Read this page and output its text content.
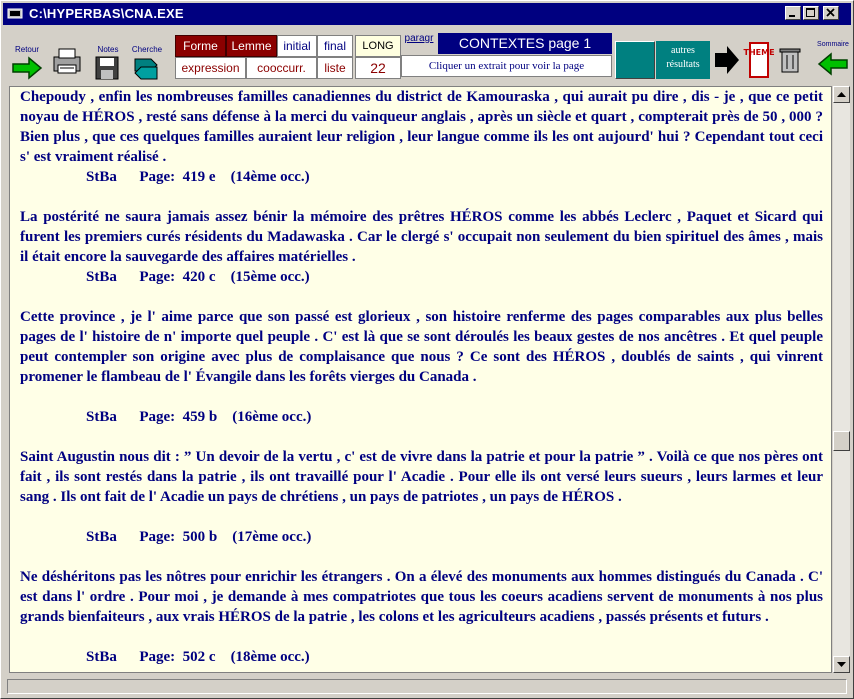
C:\HYPERBAS\CNA.EXE
Retour	Notes	Cherche	Forme	Lemme initial	final	LONG
paragr
expression	cooccurr.	liste	22
CONTEXTES page 1
Cliquer un extrait pour voir la page
autres résultats
THEME
Sommaire
Chepoudy , enfin les nombreuses familles canadiennes du district de Kamouraska , qui aurait pu dire , dis - je , que ce petit noyau de HÉROS , resté sans défense à la merci du vainqueur anglais , après un siècle et quart , compterait près de 50 , 000 ? Bien plus , que ces quelques familles auraient leur religion , leur langue comme ils les ont aujourd' hui ? Cependant tout ceci s' est vraiment réalisé .
StBa      Page:  419 e    (14ème occ.)
La postérité ne saura jamais assez bénir la mémoire des prêtres HÉROS comme les abbés Leclerc , Paquet et Sicard qui furent les premiers curés résidents du Madawaska . Car le clergé s' occupait non seulement du bien spirituel des âmes , mais il était encore la sauvegarde des affaires matérielles .
StBa      Page:  420 c    (15ème occ.)
Cette province , je l' aime parce que son passé est glorieux , son histoire renferme des pages comparables aux plus belles pages de l' histoire de n' importe quel peuple . C' est là que se sont déroulés les beaux gestes de nos ancêtres . Et quel peuple peut contempler son origine avec plus de complaisance que nous ? Ce sont des HÉROS , doublés de saints , qui vinrent promener le flambeau de l' Évangile dans les forêts vierges du Canada .
StBa      Page:  459 b    (16ème occ.)
Saint Augustin nous dit : ” Un devoir de la vertu , c' est de vivre dans la patrie et pour la patrie ” . Voilà ce que nos pères ont fait , ils sont restés dans la patrie , ils ont travaillé pour l' Acadie . Pour elle ils ont versé leurs sueurs , leurs larmes et leur sang . Ils ont fait de l' Acadie un pays de chrétiens , un pays de patriotes , un pays de HÉROS .
StBa      Page:  500 b    (17ème occ.)
Ne déshéritons pas les nôtres pour enrichir les étrangers . On a élevé des monuments aux hommes distingués du Canada . C' est dans l' ordre . Pour moi , je demande à mes compatriotes que tous les coeurs acadiens servent de monuments à nos plus grands bienfaiteurs , aux vrais HÉROS de la patrie , les colons et les agriculteurs acadiens , passés présents et futurs .
StBa      Page:  502 c    (18ème occ.)
